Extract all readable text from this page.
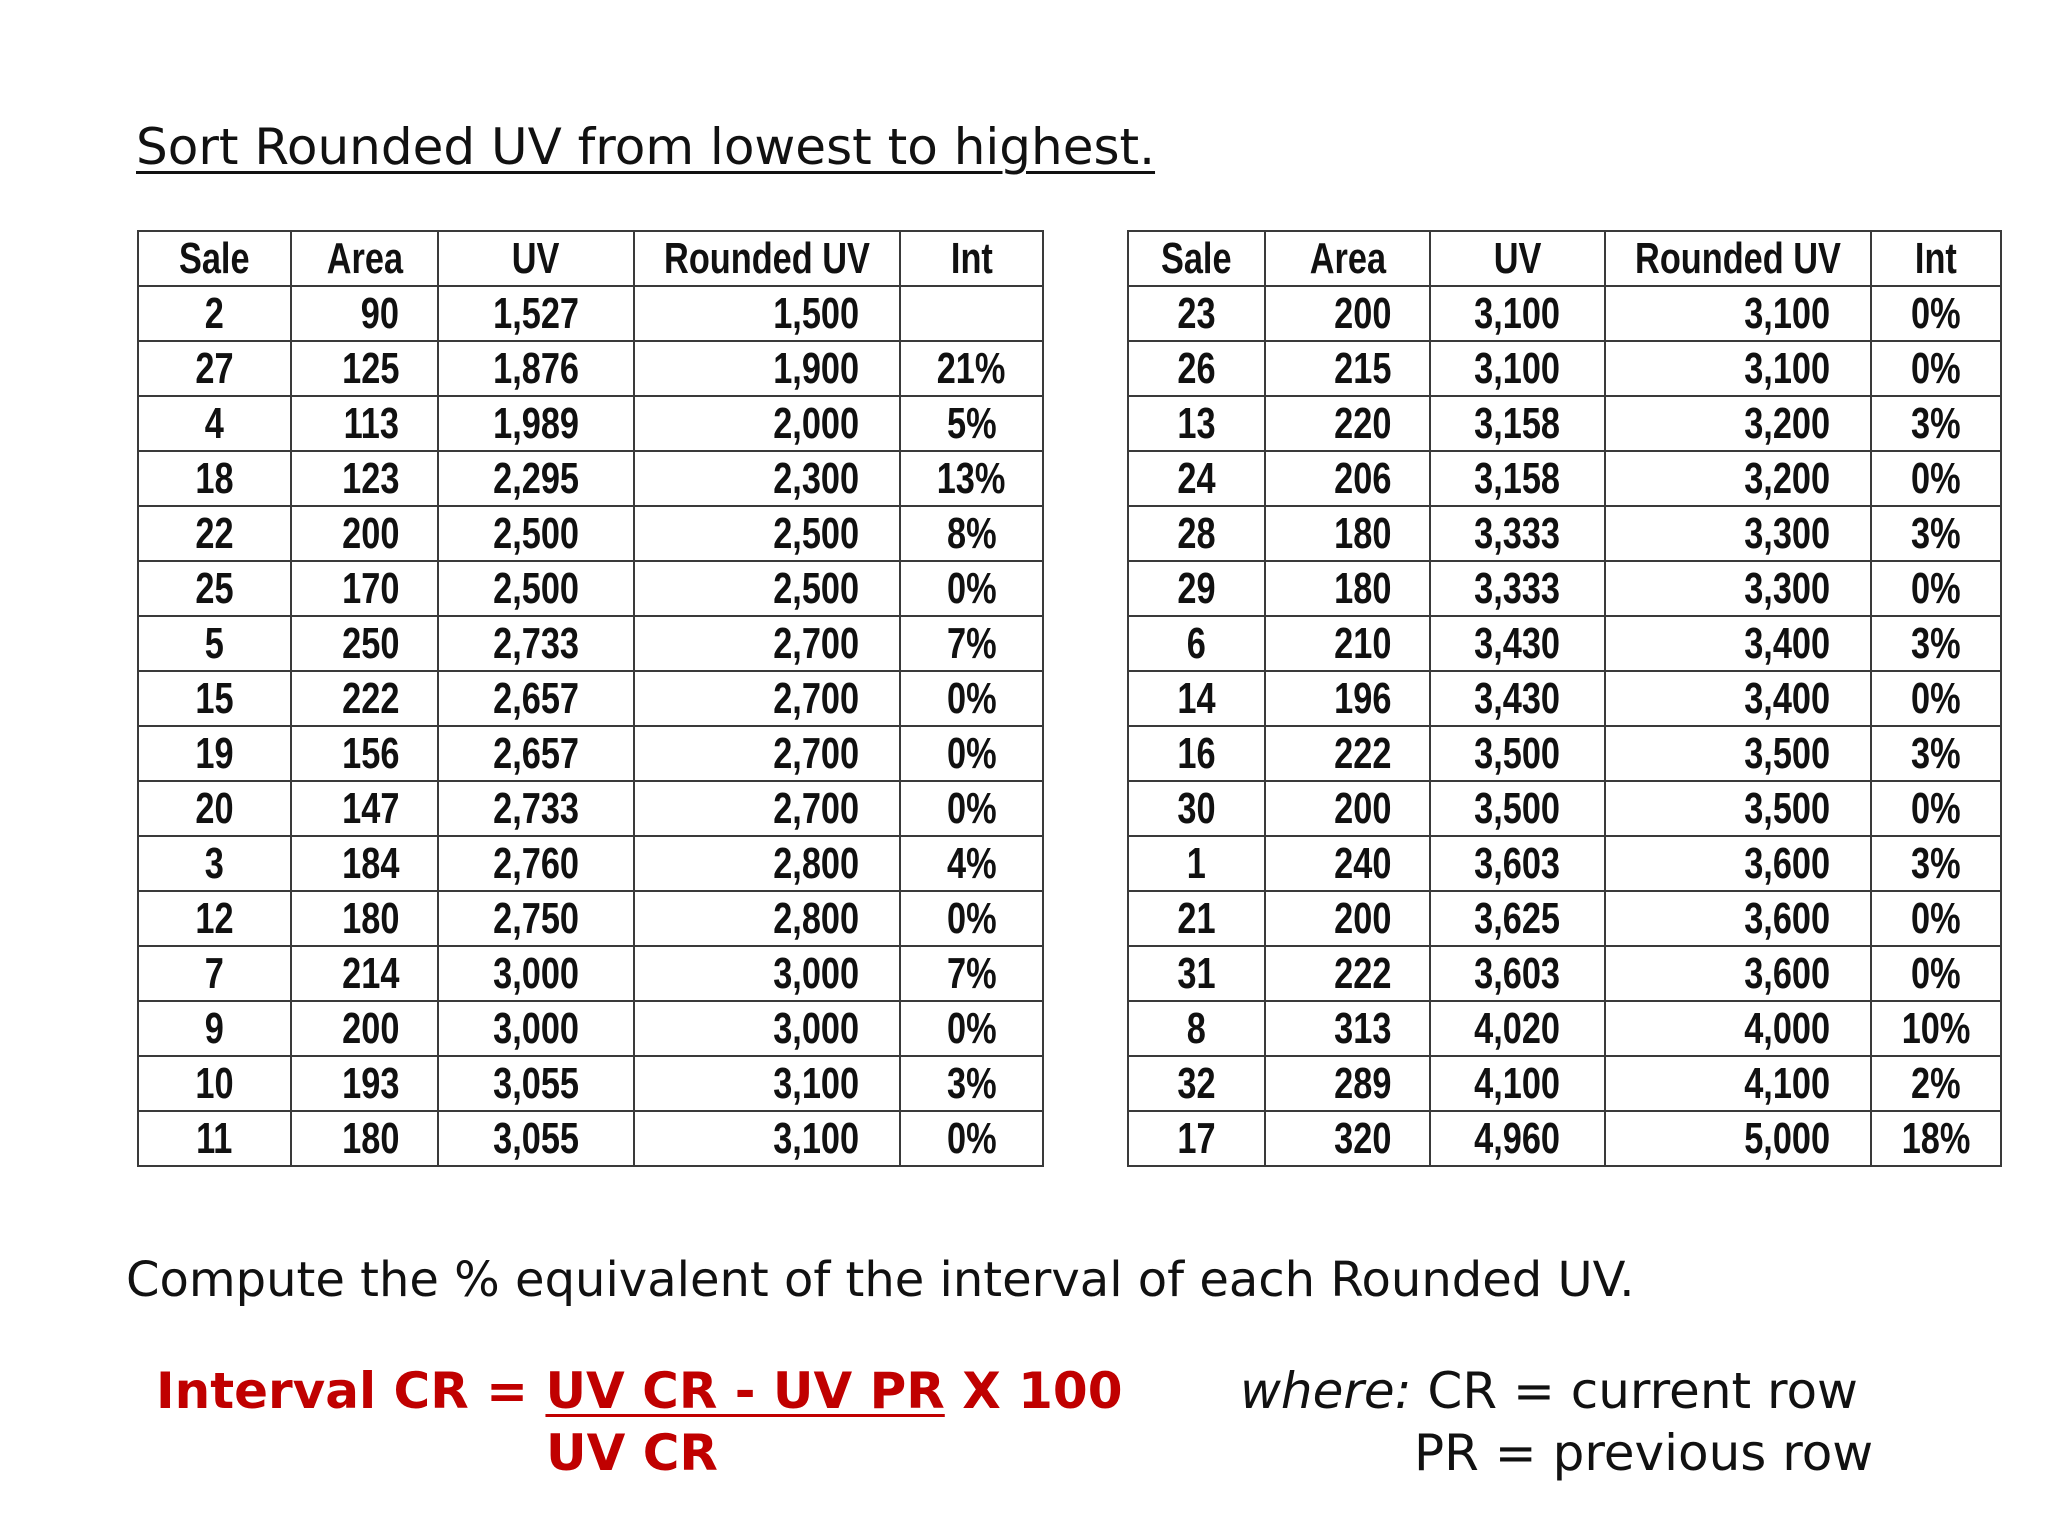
Sort Rounded UV from lowest to highest.
Sale	Area	UV	Rounded UV	Int
2	90	1,527	1,500	
27	125	1,876	1,900	21%
4	113	1,989	2,000	5%
18	123	2,295	2,300	13%
22	200	2,500	2,500	8%
25	170	2,500	2,500	0%
5	250	2,733	2,700	7%
15	222	2,657	2,700	0%
19	156	2,657	2,700	0%
20	147	2,733	2,700	0%
3	184	2,760	2,800	4%
12	180	2,750	2,800	0%
7	214	3,000	3,000	7%
9	200	3,000	3,000	0%
10	193	3,055	3,100	3%
11	180	3,055	3,100	0%
Sale	Area	UV	Rounded UV	Int
23	200	3,100	3,100	0%
26	215	3,100	3,100	0%
13	220	3,158	3,200	3%
24	206	3,158	3,200	0%
28	180	3,333	3,300	3%
29	180	3,333	3,300	0%
6	210	3,430	3,400	3%
14	196	3,430	3,400	0%
16	222	3,500	3,500	3%
30	200	3,500	3,500	0%
1	240	3,603	3,600	3%
21	200	3,625	3,600	0%
31	222	3,603	3,600	0%
8	313	4,020	4,000	10%
32	289	4,100	4,100	2%
17	320	4,960	5,000	18%
Compute the % equivalent of the interval of each Rounded UV.
Interval CR = UV CR - UV PR X 100
UV CR
where: CR = current row
PR = previous row
